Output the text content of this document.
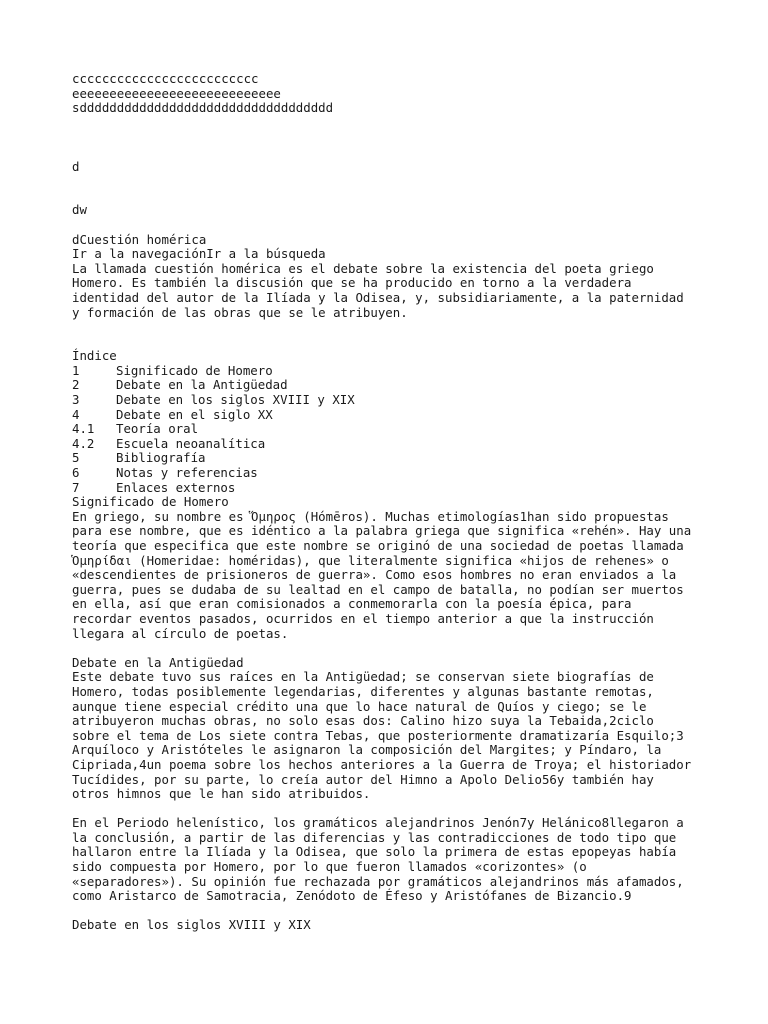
ccccccccccccccccccccccccc
eeeeeeeeeeeeeeeeeeeeeeeeeeee
sdddddddddddddddddddddddddddddddddd
d
dw
dCuestión homérica
Ir a la navegaciónIr a la búsqueda
La llamada cuestión homérica es el debate sobre la existencia del poeta griego
Homero. Es también la discusión que se ha producido en torno a la verdadera
identidad del autor de la Ilíada y la Odisea, y, subsidiariamente, a la paternidad
y formación de las obras que se le atribuyen.
Índice
1	Significado de Homero
2	Debate en la Antigüedad
3	Debate en los siglos XVIII y XIX
4	Debate en el siglo XX
4.1	Teoría oral
4.2	Escuela neoanalítica
5	Bibliografía
6	Notas y referencias
7	Enlaces externos
Significado de Homero
En griego, su nombre es Ὅμηρος (Hómēros). Muchas etimologías1han sido propuestas
para ese nombre, que es idéntico a la palabra griega que significa «rehén». Hay una
teoría que especifica que este nombre se originó de una sociedad de poetas llamada
Ὁμηρίδαι (Homeridae: homéridas), que literalmente significa «hijos de rehenes» o
«descendientes de prisioneros de guerra». Como esos hombres no eran enviados a la
guerra, pues se dudaba de su lealtad en el campo de batalla, no podían ser muertos
en ella, así que eran comisionados a conmemorarla con la poesía épica, para
recordar eventos pasados, ocurridos en el tiempo anterior a que la instrucción
llegara al círculo de poetas.
Debate en la Antigüedad
Este debate tuvo sus raíces en la Antigüedad; se conservan siete biografías de
Homero, todas posiblemente legendarias, diferentes y algunas bastante remotas,
aunque tiene especial crédito una que lo hace natural de Quíos y ciego; se le
atribuyeron muchas obras, no solo esas dos: Calino hizo suya la Tebaida,2ciclo
sobre el tema de Los siete contra Tebas, que posteriormente dramatizaría Esquilo;3
Arquíloco y Aristóteles le asignaron la composición del Margites; y Píndaro, la
Cipriada,4un poema sobre los hechos anteriores a la Guerra de Troya; el historiador
Tucídides, por su parte, lo creía autor del Himno a Apolo Delio56y también hay
otros himnos que le han sido atribuidos.
En el Periodo helenístico, los gramáticos alejandrinos Jenón7y Helánico8llegaron a
la conclusión, a partir de las diferencias y las contradicciones de todo tipo que
hallaron entre la Ilíada y la Odisea, que solo la primera de estas epopeyas había
sido compuesta por Homero, por lo que fueron llamados «corizontes» (o
«separadores»). Su opinión fue rechazada por gramáticos alejandrinos más afamados,
como Aristarco de Samotracia, Zenódoto de Éfeso y Aristófanes de Bizancio.9
Debate en los siglos XVIII y XIX
